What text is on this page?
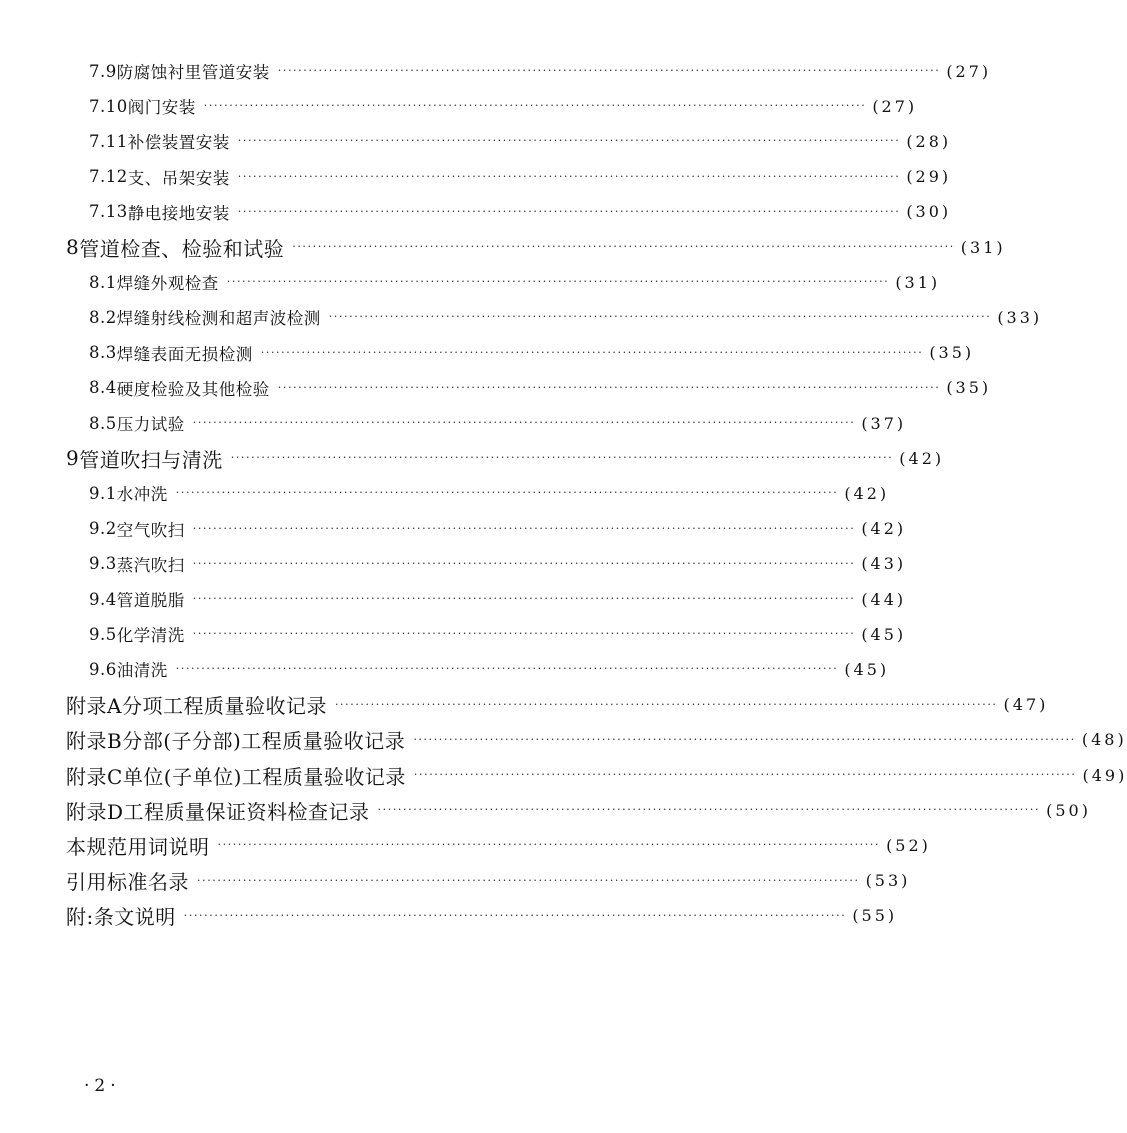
7.9 防腐蚀衬里管道安装 ·····	(27)
7.10 阀门安装 ·····	(27)
7.11 补偿装置安装 ·····	(28)
7.12 支、吊架安装 ·····	(29)
7.13 静电接地安装 ·····	(30)
8 管道检查、检验和试验 ·····	(31)
8.1 焊缝外观检查 ·····	(31)
8.2 焊缝射线检测和超声波检测 ·····	(33)
8.3 焊缝表面无损检测 ·····	(35)
8.4 硬度检验及其他检验 ·····	(35)
8.5 压力试验 ·····	(37)
9 管道吹扫与清洗 ·····	(42)
9.1 水冲洗 ·····	(42)
9.2 空气吹扫 ·····	(42)
9.3 蒸汽吹扫 ·····	(43)
9.4 管道脱脂 ·····	(44)
9.5 化学清洗 ·····	(45)
9.6 油清洗 ·····	(45)
附录A 分项工程质量验收记录 ·····	(47)
附录B 分部(子分部)工程质量验收记录 ·····	(48)
附录C 单位(子单位)工程质量验收记录 ·····	(49)
附录D 工程质量保证资料检查记录 ·····	(50)
本规范用词说明 ·····	(52)
引用标准名录 ·····	(53)
附:条文说明 ·····	(55)
·2·
